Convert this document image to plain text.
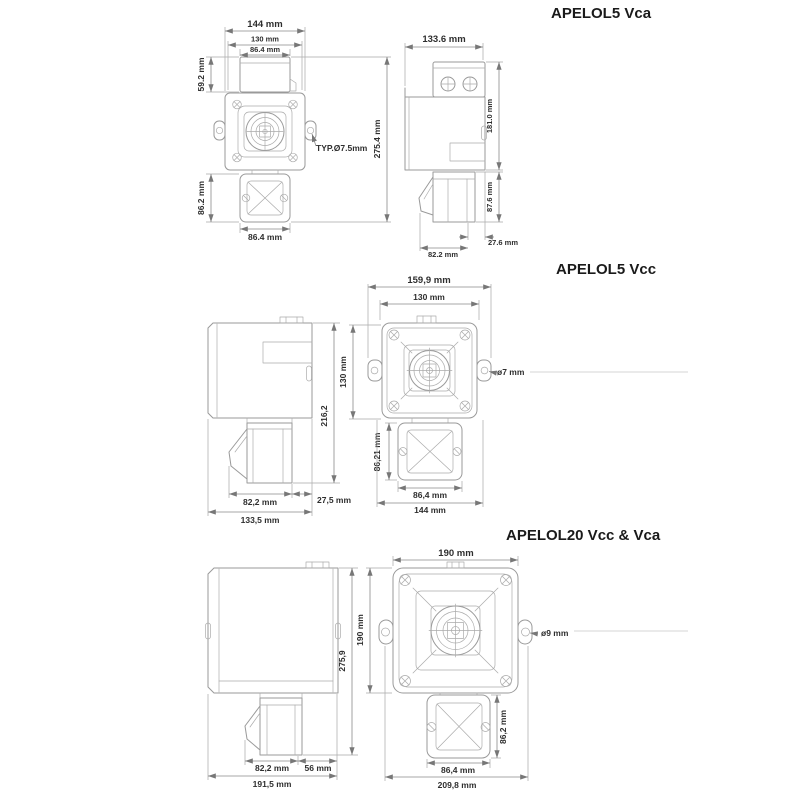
APELOL5 Vca
APELOL5 Vcc
APELOL20 Vcc & Vca
144 mm
130 mm
86.4 mm
59.2 mm
86.2 mm
86.4 mm
275.4 mm
TYP.Ø7.5mm
133.6 mm
181.0 mm
87.6 mm
27.6 mm
82.2 mm
216,2
82,2 mm	27,5 mm
133,5 mm
159,9 mm
130 mm
130 mm	ø7 mm
86,21 mm
86,4 mm
144 mm
275,9
82,2 mm 56 mm
191,5 mm
190 mm
190 mm	ø9 mm
86,2 mm
86,4 mm
209,8 mm
